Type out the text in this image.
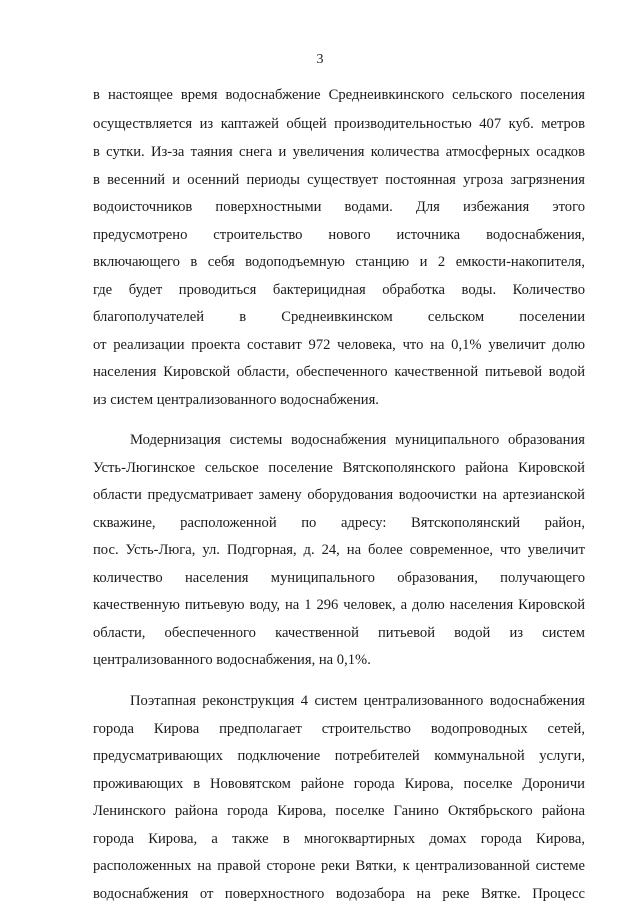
3
в настоящее время водоснабжение Среднеивкинского сельского поселения
осуществляется из каптажей общей производительностью 407 куб. метров
в сутки. Из-за таяния снега и увеличения количества атмосферных осадков
в весенний и осенний периоды существует постоянная угроза загрязнения
водоисточников поверхностными водами. Для избежания этого
предусмотрено строительство нового источника водоснабжения,
включающего в себя водоподъемную станцию и 2 емкости-накопителя,
где будет проводиться бактерицидная обработка воды. Количество
благополучателей в Среднеивкинском сельском поселении
от реализации проекта составит 972 человека, что на 0,1% увеличит долю
населения Кировской области, обеспеченного качественной питьевой водой
из систем централизованного водоснабжения.
Модернизация системы водоснабжения муниципального образования
Усть-Люгинское сельское поселение Вятскополянского района Кировской
области предусматривает замену оборудования водоочистки на артезианской
скважине, расположенной по адресу: Вятскополянский район,
пос. Усть-Люга, ул. Подгорная, д. 24, на более современное, что увеличит
количество населения муниципального образования, получающего
качественную питьевую воду, на 1 296 человек, а долю населения Кировской
области, обеспеченного качественной питьевой водой из систем
централизованного водоснабжения, на 0,1%.
Поэтапная реконструкция 4 систем централизованного водоснабжения
города Кирова предполагает строительство водопроводных сетей,
предусматривающих подключение потребителей коммунальной услуги,
проживающих в Нововятском районе города Кирова, поселке Дороничи
Ленинского района города Кирова, поселке Ганино Октябрьского района
города Кирова, а также в многоквартирных домах города Кирова,
расположенных на правой стороне реки Вятки, к централизованной системе
водоснабжения от поверхностного водозабора на реке Вятке. Процесс
